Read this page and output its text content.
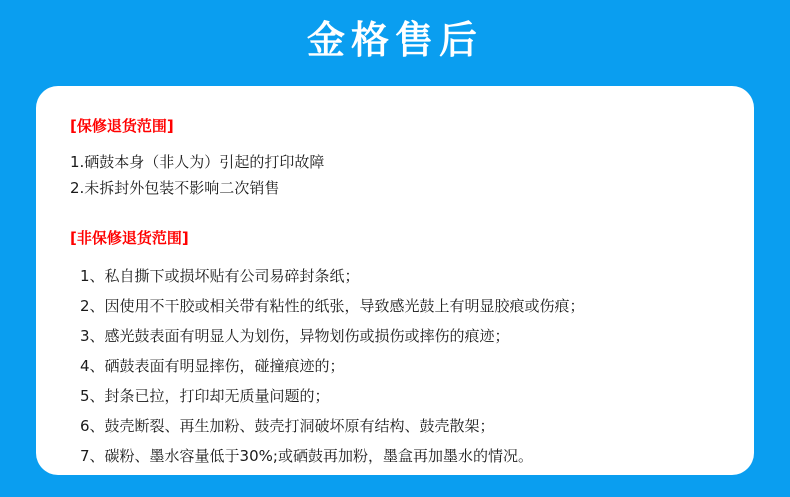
金格售后

[保修退货范围]

1.硒鼓本身（非人为）引起的打印故障

2.未拆封外包装不影响二次销售

[非保修退货范围]

1、私自撕下或损坏贴有公司易碎封条纸；

2、因使用不干胶或相关带有粘性的纸张，导致感光鼓上有明显胶痕或伤痕；

3、感光鼓表面有明显人为划伤，异物划伤或损伤或摔伤的痕迹；

4、硒鼓表面有明显摔伤，碰撞痕迹的；

5、封条已拉，打印却无质量问题的；

6、鼓壳断裂、再生加粉、鼓壳打洞破坏原有结构、鼓壳散架；

7、碳粉、墨水容量低于30%;或硒鼓再加粉，墨盒再加墨水的情况。
